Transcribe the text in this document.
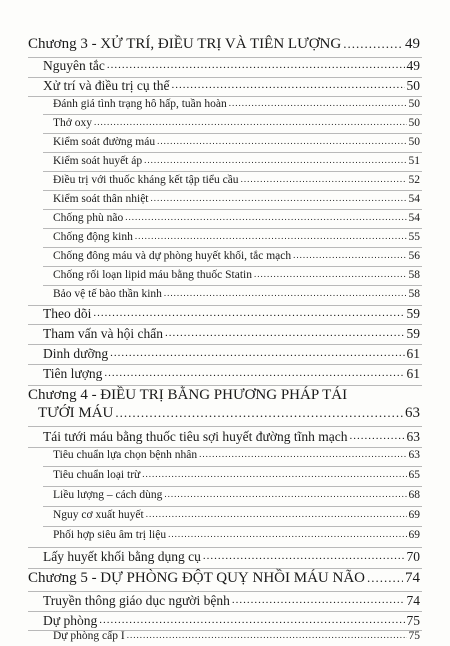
Chương 3 - XỬ TRÍ, ĐIỀU TRỊ VÀ TIÊN LƯỢNG .....	49
Nguyên tắc .....	49
Xử trí và điều trị cụ thể .....	50
Đánh giá tình trạng hô hấp, tuần hoàn .....	50
Thở oxy .....	50
Kiểm soát đường máu .....	50
Kiểm soát huyết áp .....	51
Điều trị với thuốc kháng kết tập tiểu cầu .....	52
Kiểm soát thân nhiệt .....	54
Chống phù não .....	54
Chống động kinh .....	55
Chống đông máu và dự phòng huyết khối, tắc mạch .....	56
Chống rối loạn lipid máu bằng thuốc Statin .....	58
Bảo vệ tế bào thần kinh .....	58
Theo dõi .....	59
Tham vấn và hội chẩn .....	59
Dinh dưỡng .....	61
Tiên lượng .....	61
Chương 4 - ĐIỀU TRỊ BẰNG PHƯƠNG PHÁP TÁI
TƯỚI MÁU .....	63
Tái tưới máu bằng thuốc tiêu sợi huyết đường tĩnh mạch .....	63
Tiêu chuẩn lựa chọn bệnh nhân .....	63
Tiêu chuẩn loại trừ .....	65
Liều lượng – cách dùng .....	68
Nguy cơ xuất huyết .....	69
Phối hợp siêu âm trị liệu .....	69
Lấy huyết khối bằng dụng cụ .....	70
Chương 5 - DỰ PHÒNG ĐỘT QUỴ NHỒI MÁU NÃO .....	74
Truyền thông giáo dục người bệnh .....	74
Dự phòng .....	75
Dự phòng cấp I .....	75
